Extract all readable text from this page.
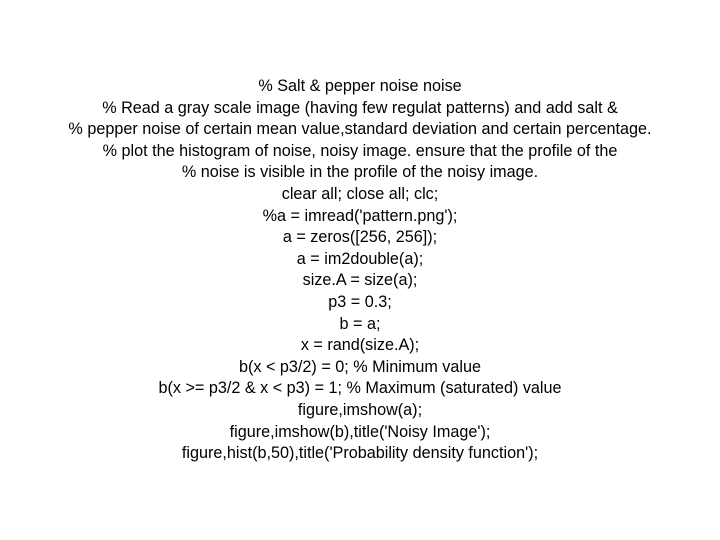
% Salt & pepper noise noise
% Read a gray scale image (having few regulat patterns) and add salt &
% pepper noise of certain mean value,standard deviation and certain percentage.
% plot the histogram of noise, noisy image. ensure that the profile of the
% noise is visible in the profile of the noisy image.
clear all; close all; clc;
%a = imread('pattern.png');
a = zeros([256, 256]);
a = im2double(a);
size.A = size(a);
p3 = 0.3;
b = a;
x = rand(size.A);
b(x < p3/2) = 0; % Minimum value
b(x >= p3/2 & x < p3) = 1; % Maximum (saturated) value
figure,imshow(a);
figure,imshow(b),title('Noisy Image');
figure,hist(b,50),title('Probability density function');
